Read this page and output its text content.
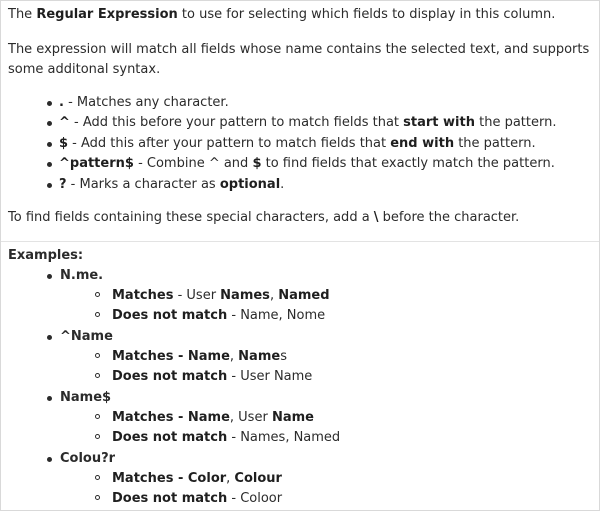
The Regular Expression to use for selecting which fields to display in this column.

The expression will match all fields whose name contains the selected text, and supports some additonal syntax.

. - Matches any character.
^ - Add this before your pattern to match fields that start with the pattern.
$ - Add this after your pattern to match fields that end with the pattern.
^pattern$ - Combine ^ and $ to find fields that exactly match the pattern.
? - Marks a character as optional.

To find fields containing these special characters, add a \ before the character.

Examples:

N.me.
Matches - User Names, Named
Does not match - Name, Nome
^Name
Matches - Name, Names
Does not match - User Name
Name$
Matches - Name, User Name
Does not match - Names, Named
Colou?r
Matches - Color, Colour
Does not match - Coloor
